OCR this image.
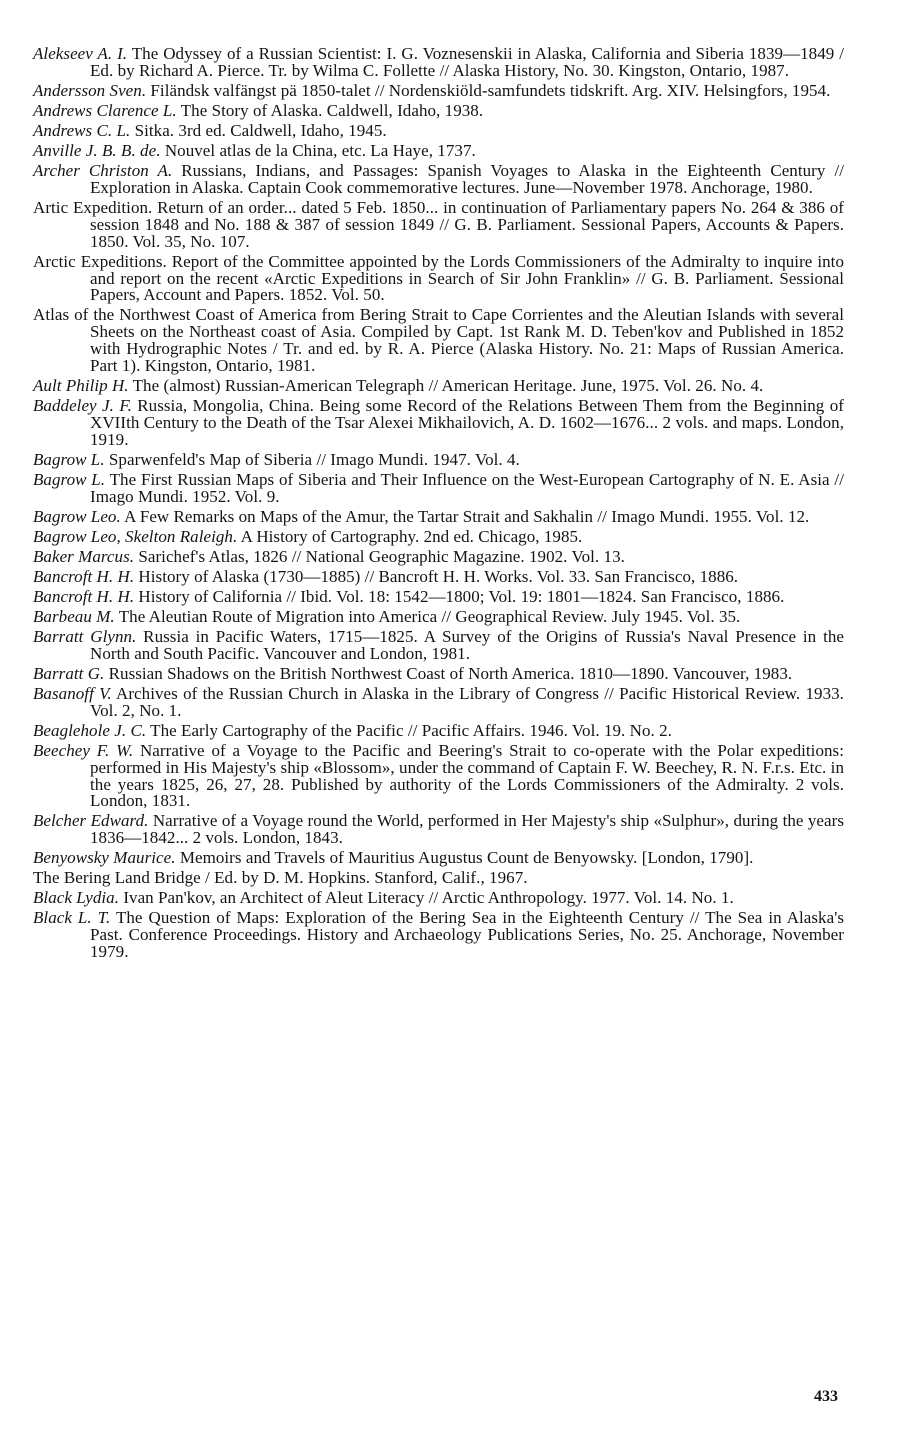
Alekseev A. I. The Odyssey of a Russian Scientist: I. G. Voznesenskii in Alaska, California and Siberia 1839—1849 / Ed. by Richard A. Pierce. Tr. by Wilma C. Follette // Alaska History, No. 30. Kingston, Ontario, 1987.
Andersson Sven. Filändsk valfängst pä 1850-talet // Nordenskiöld-samfundets tidskrift. Arg. XIV. Helsingfors, 1954.
Andrews Clarence L. The Story of Alaska. Caldwell, Idaho, 1938.
Andrews C. L. Sitka. 3rd ed. Caldwell, Idaho, 1945.
Anville J. B. B. de. Nouvel atlas de la China, etc. La Haye, 1737.
Archer Christon A. Russians, Indians, and Passages: Spanish Voyages to Alaska in the Eighteenth Century // Exploration in Alaska. Captain Cook commemorative lectures. June—November 1978. Anchorage, 1980.
Artic Expedition. Return of an order... dated 5 Feb. 1850... in continuation of Parliamentary papers No. 264 & 386 of session 1848 and No. 188 & 387 of session 1849 // G. B. Parliament. Sessional Papers, Accounts & Papers. 1850. Vol. 35, No. 107.
Arctic Expeditions. Report of the Committee appointed by the Lords Commissioners of the Admiralty to inquire into and report on the recent «Arctic Expeditions in Search of Sir John Franklin» // G. B. Parliament. Sessional Papers, Account and Papers. 1852. Vol. 50.
Atlas of the Northwest Coast of America from Bering Strait to Cape Corrientes and the Aleutian Islands with several Sheets on the Northeast coast of Asia. Compiled by Capt. 1st Rank M. D. Teben'kov and Published in 1852 with Hydrographic Notes / Tr. and ed. by R. A. Pierce (Alaska History. No. 21: Maps of Russian America. Part 1). Kingston, Ontario, 1981.
Ault Philip H. The (almost) Russian-American Telegraph // American Heritage. June, 1975. Vol. 26. No. 4.
Baddeley J. F. Russia, Mongolia, China. Being some Record of the Relations Between Them from the Beginning of XVIIth Century to the Death of the Tsar Alexei Mikhailovich, A. D. 1602—1676... 2 vols. and maps. London, 1919.
Bagrow L. Sparwenfeld's Map of Siberia // Imago Mundi. 1947. Vol. 4.
Bagrow L. The First Russian Maps of Siberia and Their Influence on the West-European Cartography of N. E. Asia // Imago Mundi. 1952. Vol. 9.
Bagrow Leo. A Few Remarks on Maps of the Amur, the Tartar Strait and Sakhalin // Imago Mundi. 1955. Vol. 12.
Bagrow Leo, Skelton Raleigh. A History of Cartography. 2nd ed. Chicago, 1985.
Baker Marcus. Sarichef's Atlas, 1826 // National Geographic Magazine. 1902. Vol. 13.
Bancroft H. H. History of Alaska (1730—1885) // Bancroft H. H. Works. Vol. 33. San Francisco, 1886.
Bancroft H. H. History of California // Ibid. Vol. 18: 1542—1800; Vol. 19: 1801—1824. San Francisco, 1886.
Barbeau M. The Aleutian Route of Migration into America // Geographical Review. July 1945. Vol. 35.
Barratt Glynn. Russia in Pacific Waters, 1715—1825. A Survey of the Origins of Russia's Naval Presence in the North and South Pacific. Vancouver and London, 1981.
Barratt G. Russian Shadows on the British Northwest Coast of North America. 1810—1890. Vancouver, 1983.
Basanoff V. Archives of the Russian Church in Alaska in the Library of Congress // Pacific Historical Review. 1933. Vol. 2, No. 1.
Beaglehole J. C. The Early Cartography of the Pacific // Pacific Affairs. 1946. Vol. 19. No. 2.
Beechey F. W. Narrative of a Voyage to the Pacific and Beering's Strait to co-operate with the Polar expeditions: performed in His Majesty's ship «Blossom», under the command of Captain F. W. Beechey, R. N. F.r.s. Etc. in the years 1825, 26, 27, 28. Published by authority of the Lords Commissioners of the Admiralty. 2 vols. London, 1831.
Belcher Edward. Narrative of a Voyage round the World, performed in Her Majesty's ship «Sulphur», during the years 1836—1842... 2 vols. London, 1843.
Benyowsky Maurice. Memoirs and Travels of Mauritius Augustus Count de Benyowsky. [London, 1790].
The Bering Land Bridge / Ed. by D. M. Hopkins. Stanford, Calif., 1967.
Black Lydia. Ivan Pan'kov, an Architect of Aleut Literacy // Arctic Anthropology. 1977. Vol. 14. No. 1.
Black L. T. The Question of Maps: Exploration of the Bering Sea in the Eighteenth Century // The Sea in Alaska's Past. Conference Proceedings. History and Archaeology Publications Series, No. 25. Anchorage, November 1979.
433
